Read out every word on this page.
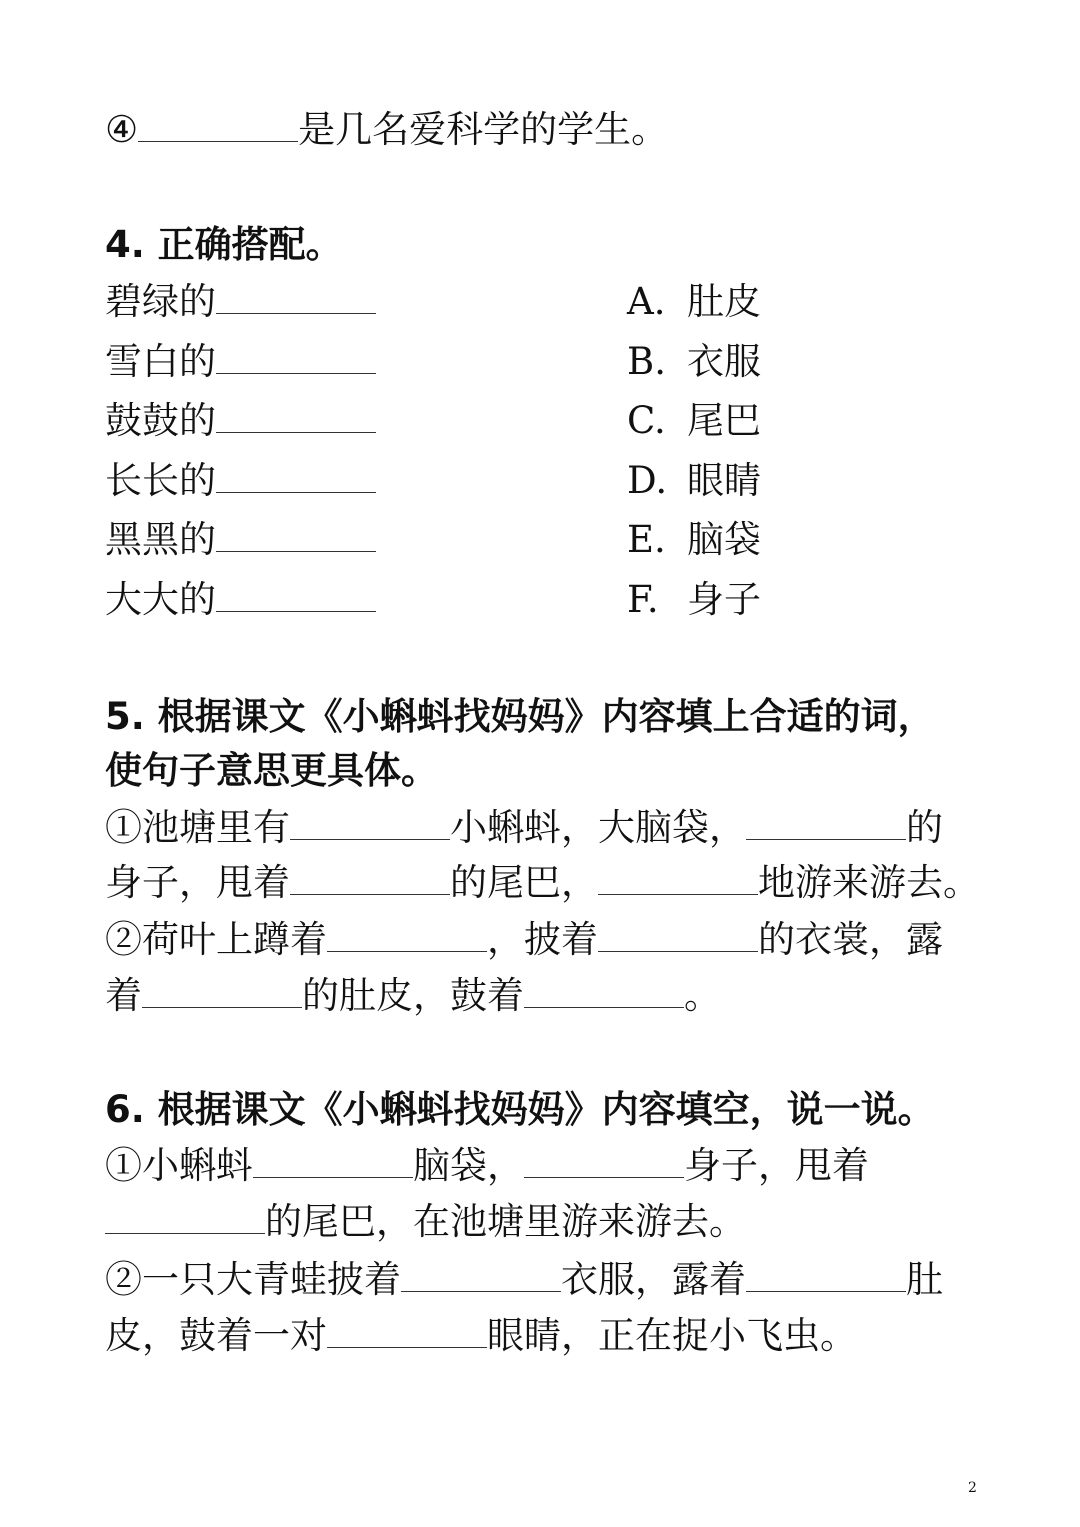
④	是几名爱科学的学生。
4. 正确搭配。
碧绿的	A. 肚皮
雪白的	B. 衣服
鼓鼓的	C. 尾巴
长长的	D. 眼睛
黑黑的	E. 脑袋
大大的	F. 身子
5. 根据课文《小蝌蚪找妈妈》内容填上合适的词，
使句子意思更具体。
①池塘里有	小蝌蚪，大脑袋，	的
身子，甩着	的尾巴，	地游来游去。
②荷叶上蹲着	，披着	的衣裳，露
着	的肚皮，鼓着	。
6. 根据课文《小蝌蚪找妈妈》内容填空，说一说。
①小蝌蚪	脑袋，	身子，甩着
的尾巴，在池塘里游来游去。
②一只大青蛙披着	衣服，露着	肚
皮，鼓着一对	眼睛，正在捉小飞虫。
2
